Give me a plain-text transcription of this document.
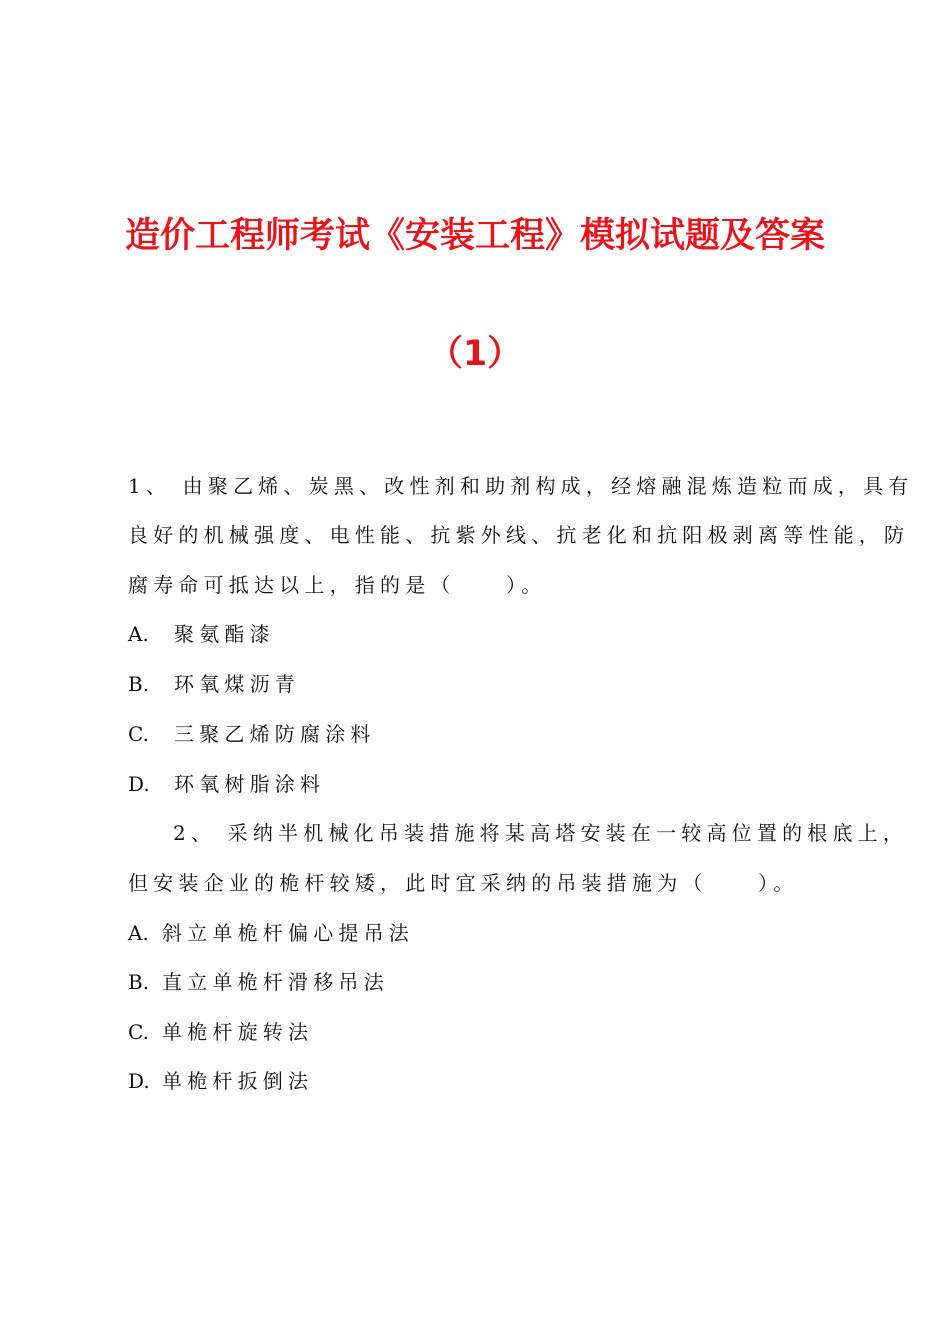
造价工程师考试《安装工程》模拟试题及答案
（1）
1、 由聚乙烯、炭黑、改性剂和助剂构成，经熔融混炼造粒而成，具有
良好的机械强度、电性能、抗紫外线、抗老化和抗阳极剥离等性能，防
腐寿命可抵达以上，指的是（　　）。
A. 聚氨酯漆
B. 环氧煤沥青
C. 三聚乙烯防腐涂料
D. 环氧树脂涂料
2、 采纳半机械化吊装措施将某高塔安装在一较高位置的根底上，
但安装企业的桅杆较矮，此时宜采纳的吊装措施为（　　）。
A. 斜立单桅杆偏心提吊法
B. 直立单桅杆滑移吊法
C. 单桅杆旋转法
D. 单桅杆扳倒法
